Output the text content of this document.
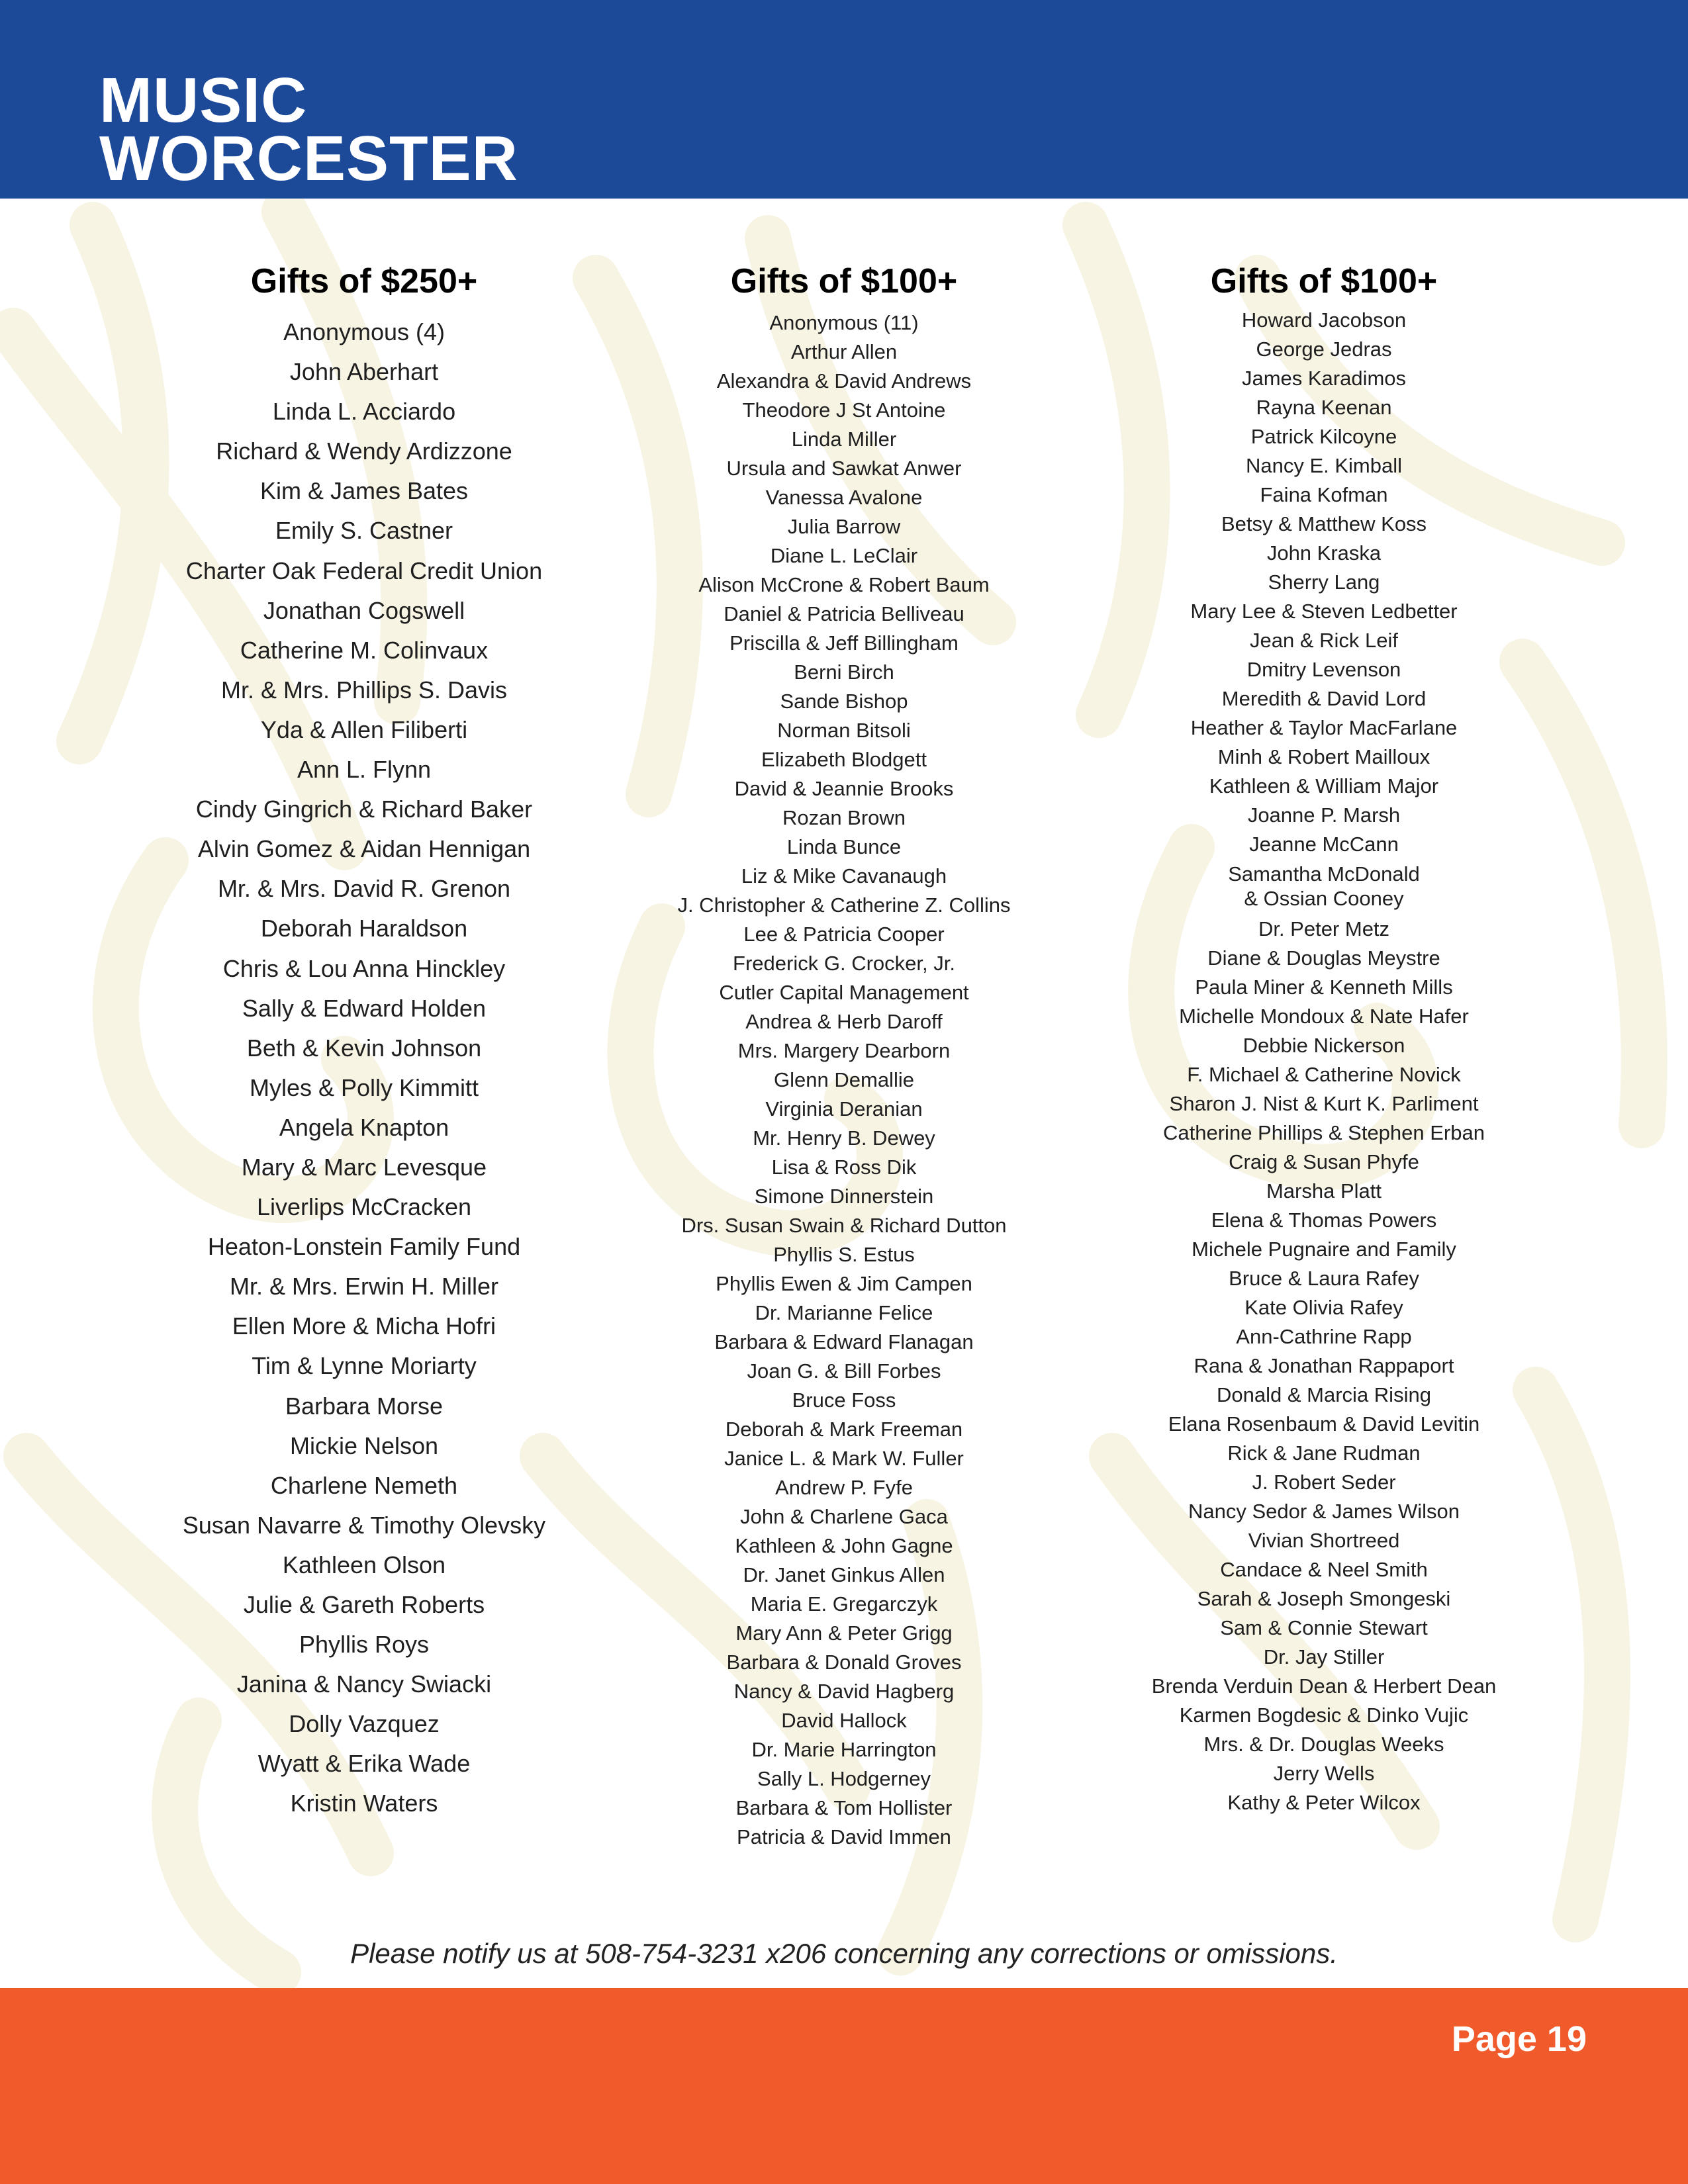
MUSIC
WORCESTER
Gifts of $250+
Anonymous (4)
John Aberhart
Linda L. Acciardo
Richard & Wendy Ardizzone
Kim & James Bates
Emily S. Castner
Charter Oak Federal Credit Union
Jonathan Cogswell
Catherine M. Colinvaux
Mr. & Mrs. Phillips S. Davis
Yda & Allen Filiberti
Ann L. Flynn
Cindy Gingrich & Richard Baker
Alvin Gomez & Aidan Hennigan
Mr. & Mrs. David R. Grenon
Deborah Haraldson
Chris & Lou Anna Hinckley
Sally & Edward Holden
Beth & Kevin Johnson
Myles & Polly Kimmitt
Angela Knapton
Mary & Marc Levesque
Liverlips McCracken
Heaton-Lonstein Family Fund
Mr. & Mrs. Erwin H. Miller
Ellen More & Micha Hofri
Tim & Lynne Moriarty
Barbara Morse
Mickie Nelson
Charlene Nemeth
Susan Navarre & Timothy Olevsky
Kathleen Olson
Julie & Gareth Roberts
Phyllis Roys
Janina & Nancy Swiacki
Dolly Vazquez
Wyatt & Erika Wade
Kristin Waters
Gifts of $100+
Anonymous (11)
Arthur Allen
Alexandra & David Andrews
Theodore J St Antoine
Linda Miller
Ursula and Sawkat Anwer
Vanessa Avalone
Julia Barrow
Diane L. LeClair
Alison McCrone & Robert Baum
Daniel & Patricia Belliveau
Priscilla & Jeff Billingham
Berni Birch
Sande Bishop
Norman Bitsoli
Elizabeth Blodgett
David & Jeannie Brooks
Rozan Brown
Linda Bunce
Liz & Mike Cavanaugh
J. Christopher & Catherine Z. Collins
Lee & Patricia Cooper
Frederick G. Crocker, Jr.
Cutler Capital Management
Andrea & Herb Daroff
Mrs. Margery Dearborn
Glenn Demallie
Virginia Deranian
Mr. Henry B. Dewey
Lisa & Ross Dik
Simone Dinnerstein
Drs. Susan Swain & Richard Dutton
Phyllis S. Estus
Phyllis Ewen & Jim Campen
Dr. Marianne Felice
Barbara & Edward Flanagan
Joan G. & Bill Forbes
Bruce Foss
Deborah & Mark Freeman
Janice L. & Mark W. Fuller
Andrew P. Fyfe
John & Charlene Gaca
Kathleen & John Gagne
Dr. Janet Ginkus Allen
Maria E. Gregarczyk
Mary Ann & Peter Grigg
Barbara & Donald Groves
Nancy & David Hagberg
David Hallock
Dr. Marie Harrington
Sally L. Hodgerney
Barbara & Tom Hollister
Patricia & David Immen
Gifts of $100+
Howard Jacobson
George Jedras
James Karadimos
Rayna Keenan
Patrick Kilcoyne
Nancy E. Kimball
Faina Kofman
Betsy & Matthew Koss
John Kraska
Sherry Lang
Mary Lee & Steven Ledbetter
Jean & Rick Leif
Dmitry Levenson
Meredith & David Lord
Heather & Taylor MacFarlane
Minh & Robert Mailloux
Kathleen & William Major
Joanne P. Marsh
Jeanne McCann
Samantha McDonald
& Ossian Cooney
Dr. Peter Metz
Diane & Douglas Meystre
Paula Miner & Kenneth Mills
Michelle Mondoux & Nate Hafer
Debbie Nickerson
F. Michael & Catherine Novick
Sharon J. Nist & Kurt K. Parliment
Catherine Phillips & Stephen Erban
Craig & Susan Phyfe
Marsha Platt
Elena & Thomas Powers
Michele Pugnaire and Family
Bruce & Laura Rafey
Kate Olivia Rafey
Ann-Cathrine Rapp
Rana & Jonathan Rappaport
Donald & Marcia Rising
Elana Rosenbaum & David Levitin
Rick & Jane Rudman
J. Robert Seder
Nancy Sedor & James Wilson
Vivian Shortreed
Candace & Neel Smith
Sarah & Joseph Smongeski
Sam & Connie Stewart
Dr. Jay Stiller
Brenda Verduin Dean & Herbert Dean
Karmen Bogdesic & Dinko Vujic
Mrs. & Dr. Douglas Weeks
Jerry Wells
Kathy & Peter Wilcox
Please notify us at 508-754-3231 x206 concerning any corrections or omissions.
Page 19
